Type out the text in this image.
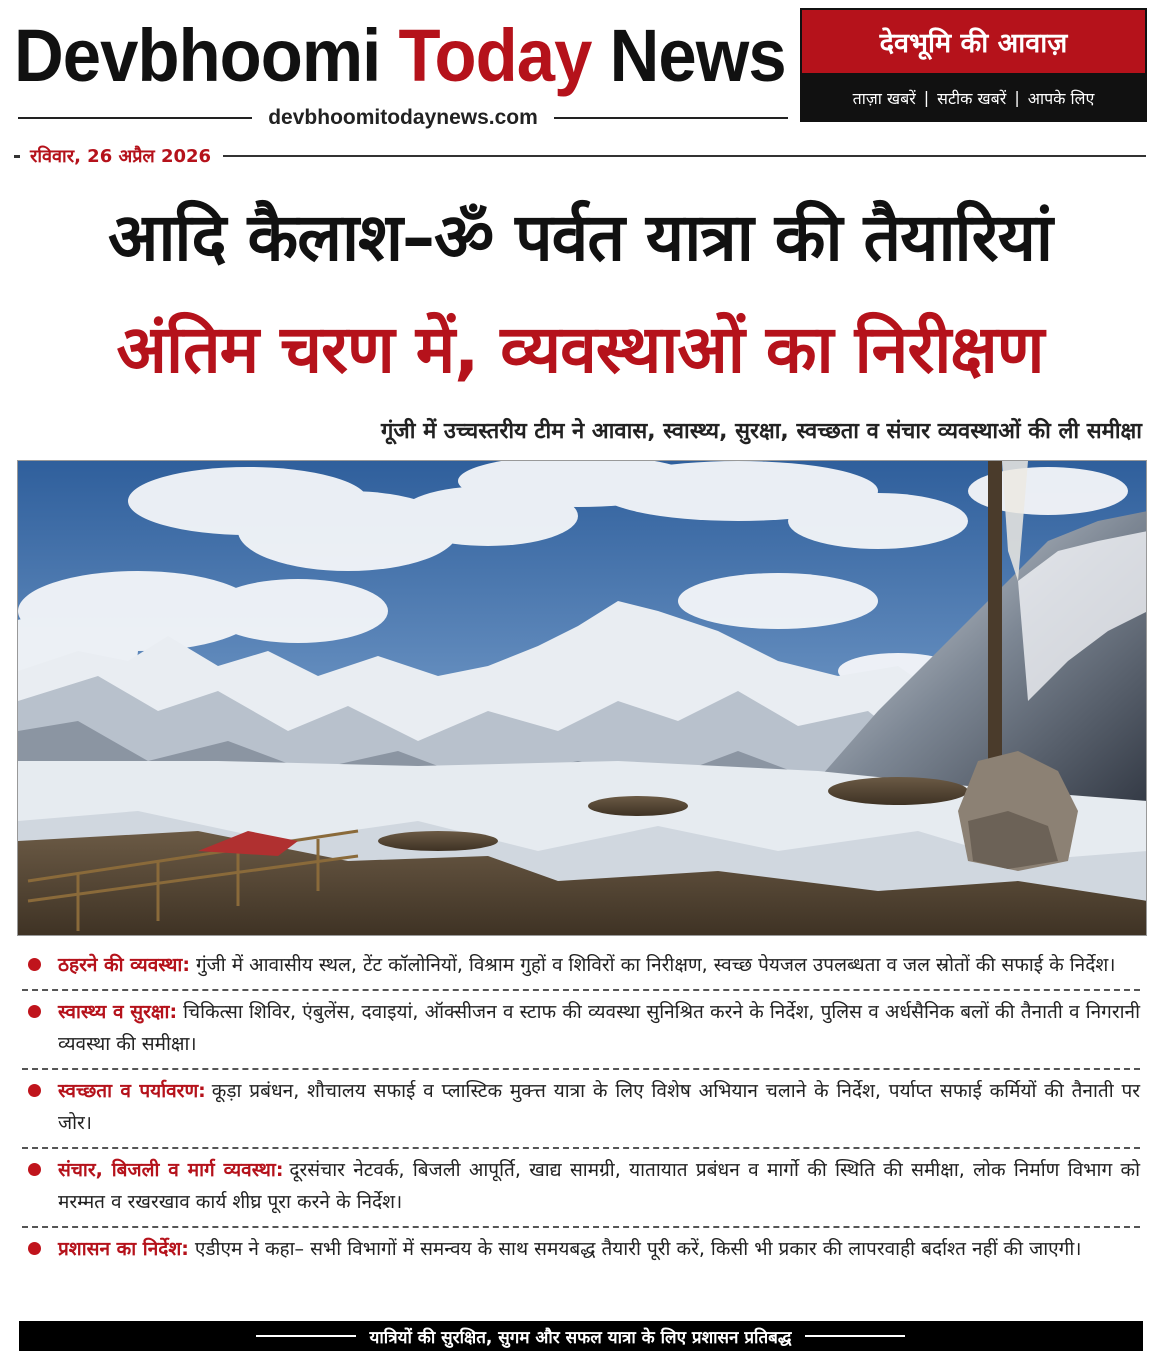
Devbhoomi Today News
devbhoomitodaynews.com
देवभूमि की आवाज़
ताज़ा खबरें | सटीक खबरें | आपके लिए
रविवार, 26 अप्रैल 2026
आदि कैलाश–ॐ पर्वत यात्रा की तैयारियां
अंतिम चरण में, व्यवस्थाओं का निरीक्षण
गूंजी में उच्चस्तरीय टीम ने आवास, स्वास्थ्य, सुरक्षा, स्वच्छता व संचार व्यवस्थाओं की ली समीक्षा

ठहरने की व्यवस्था: गुंजी में आवासीय स्थल, टेंट कॉलोनियों, विश्राम गुहों व शिविरों का निरीक्षण, स्वच्छ पेयजल उपलब्धता व जल स्रोतों की सफाई के निर्देश।

स्वास्थ्य व सुरक्षा: चिकित्सा शिविर, एंबुलेंस, दवाइयां, ऑक्सीजन व स्टाफ की व्यवस्था सुनिश्रित करने के निर्देश, पुलिस व अर्धसैनिक बलों की तैनाती व निगरानी व्यवस्था की समीक्षा।

स्वच्छता व पर्यावरण: कूड़ा प्रबंधन, शौचालय सफाई व प्लास्टिक मुक्त्त यात्रा के लिए विशेष अभियान चलाने के निर्देश, पर्याप्त सफाई कर्मियों की तैनाती पर जोर।

संचार, बिजली व मार्ग व्यवस्था: दूरसंचार नेटवर्क, बिजली आपूर्ति, खाद्य सामग्री, यातायात प्रबंधन व मार्गो की स्थिति की समीक्षा, लोक निर्माण विभाग को मरम्मत व रखरखाव कार्य शीघ्र पूरा करने के निर्देश।

प्रशासन का निर्देश: एडीएम ने कहा– सभी विभागों में समन्वय के साथ समयबद्ध तैयारी पूरी करें, किसी भी प्रकार की लापरवाही बर्दाश्त नहीं की जाएगी।

यात्रियों की सुरक्षित, सुगम और सफल यात्रा के लिए प्रशासन प्रतिबद्ध
